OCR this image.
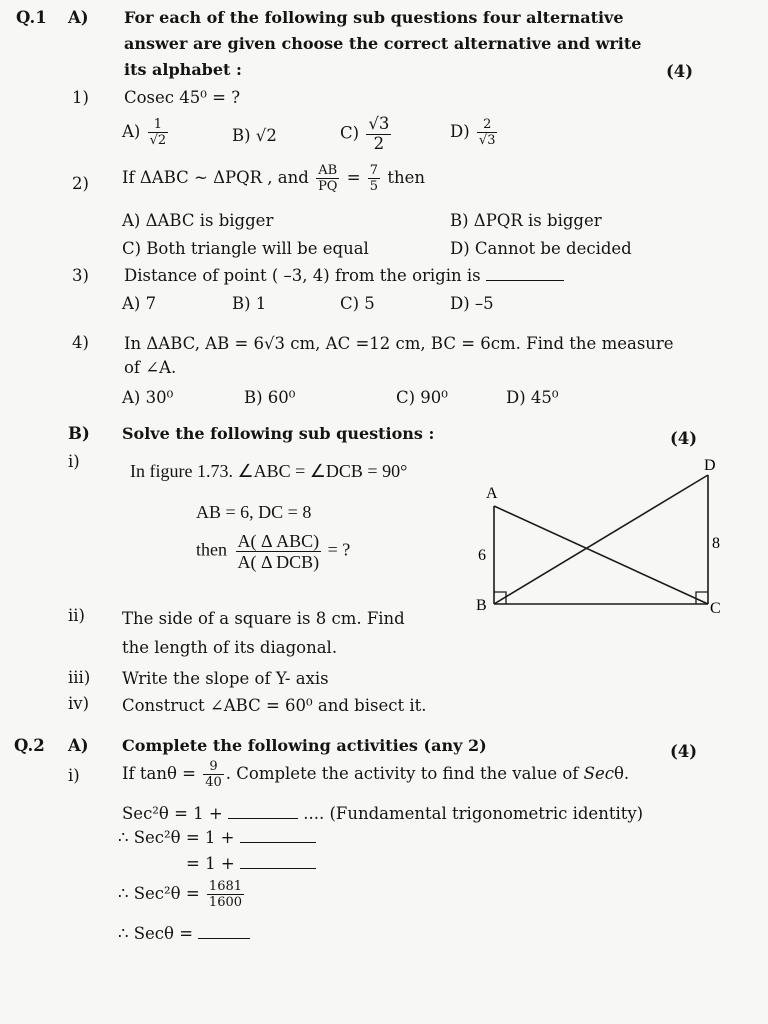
Q.1 A) For each of the following sub questions four alternative
answer are given choose the correct alternative and write
its alphabet :	(4)
1) Cosec 45⁰ = ?
$A) \frac{1}{√2}$	B) √2	$C) \frac{√3}{2}$	$D) \frac{2}{√3}$
2) If ΔABC ~ ΔPQR , and $\frac{AB}{PQ} = \frac{7}{5}$ then
A) ΔABC is bigger	B) ΔPQR is bigger
C) Both triangle will be equal	D) Cannot be decided
3) Distance of point ( –3, 4) from the origin is
A) 7	B) 1	C) 5	D) –5
4) In ΔABC, AB = 6√3 cm, AC =12 cm, BC = 6cm. Find the measure
of ∠A.
A) 30⁰	B) 60⁰	C) 90⁰	D) 45⁰
B) Solve the following sub questions :	(4)
i)	In figure 1.73. ∠ABC = ∠DCB = 90°
AB = 6, DC = 8
then $\frac{\text{A( Δ ABC)}}{\text{A( Δ DCB)}}$ = ?
A
B	C
D
6
8
ii) The side of a square is 8 cm. Find
the length of its diagonal.
iii) Write the slope of Y- axis
iv) Construct ∠ABC = 60⁰ and bisect it.
Q.2 A) Complete the following activities (any 2)	(4)
i)	If $\tan\theta = \frac{9}{40}$ . Complete the activity to find the value of Secθ.
Sec²θ = 1 +	.... (Fundamental trigonometric identity)
∴ Sec²θ = 1 +
= 1 +
∴ $Sec^2\theta = \frac{1681}{1600}$
∴ Secθ =
